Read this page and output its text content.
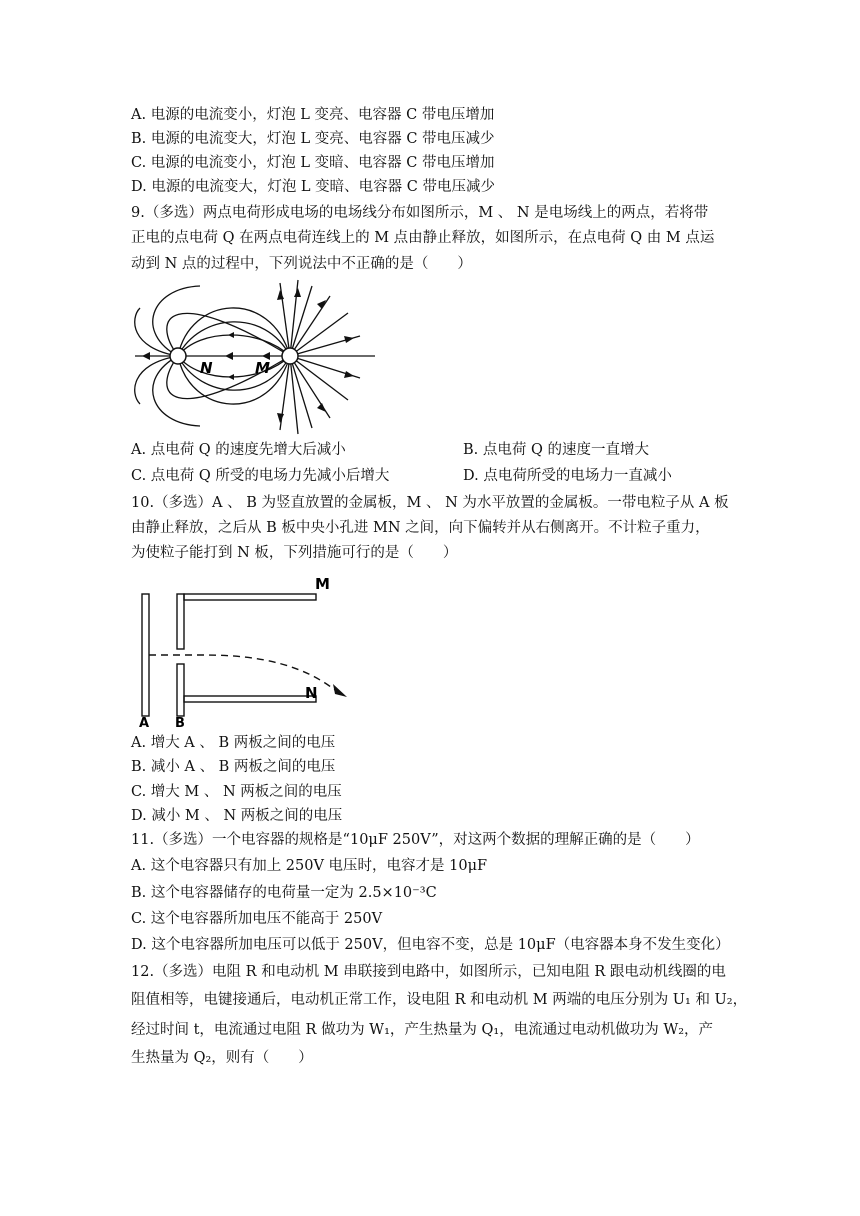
A. 电源的电流变小，灯泡 L 变亮、电容器 C 带电压增加
B. 电源的电流变大，灯泡 L 变亮、电容器 C 带电压减少
C. 电源的电流变小，灯泡 L 变暗、电容器 C 带电压增加
D. 电源的电流变大，灯泡 L 变暗、电容器 C 带电压减少
9.（多选）两点电荷形成电场的电场线分布如图所示，M 、 N 是电场线上的两点，若将带
正电的点电荷 Q 在两点电荷连线上的 M 点由静止释放，如图所示，在点电荷 Q 由 M 点运
动到 N 点的过程中，下列说法中不正确的是（　　）
N	M
A. 点电荷 Q 的速度先增大后减小	B. 点电荷 Q 的速度一直增大
C. 点电荷 Q 所受的电场力先减小后增大	D. 点电荷所受的电场力一直减小
10.（多选）A 、 B 为竖直放置的金属板，M 、 N 为水平放置的金属板。一带电粒子从 A 板
由静止释放，之后从 B 板中央小孔进 MN 之间，向下偏转并从右侧离开。不计粒子重力，
为使粒子能打到 N 板，下列措施可行的是（　　）
M
N
A B
A. 增大 A 、 B 两板之间的电压
B. 减小 A 、 B 两板之间的电压
C. 增大 M 、 N 两板之间的电压
D. 减小 M 、 N 两板之间的电压
11.（多选）一个电容器的规格是“10μF 250V”，对这两个数据的理解正确的是（　　）
A. 这个电容器只有加上 250V 电压时，电容才是 10μF
B. 这个电容器储存的电荷量一定为 2.5×10⁻³C
C. 这个电容器所加电压不能高于 250V
D. 这个电容器所加电压可以低于 250V，但电容不变，总是 10μF（电容器本身不发生变化）
12.（多选）电阻 R 和电动机 M 串联接到电路中，如图所示，已知电阻 R 跟电动机线圈的电
阻值相等，电键接通后，电动机正常工作，设电阻 R 和电动机 M 两端的电压分别为 U₁ 和 U₂，
经过时间 t，电流通过电阻 R 做功为 W₁，产生热量为 Q₁，电流通过电动机做功为 W₂，产
生热量为 Q₂，则有（　　）
